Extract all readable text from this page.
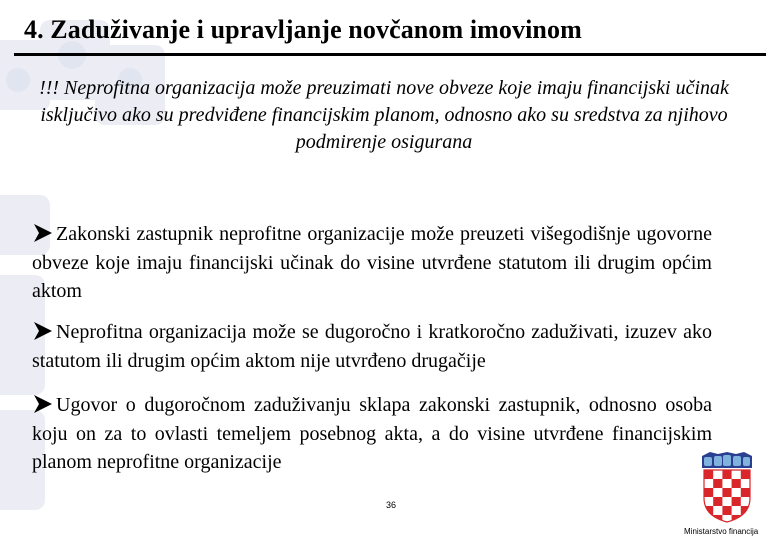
4. Zaduživanje i upravljanje novčanom imovinom
!!! Neprofitna organizacija može preuzimati nove obveze koje imaju financijski učinak isključivo ako su predviđene financijskim planom, odnosno ako su sredstva za njihovo podmirenje osigurana
Zakonski zastupnik neprofitne organizacije može preuzeti višegodišnje ugovorne obveze koje imaju financijski učinak do visine utvrđene statutom ili drugim općim aktom
Neprofitna organizacija može se dugoročno i kratkoročno zaduživati, izuzev ako statutom ili drugim općim aktom nije utvrđeno drugačije
Ugovor o dugoročnom zaduživanju sklapa zakonski zastupnik, odnosno osoba koju on za to ovlasti temeljem posebnog akta, a do visine utvrđene financijskim planom neprofitne organizacije
36
Ministarstvo financija
